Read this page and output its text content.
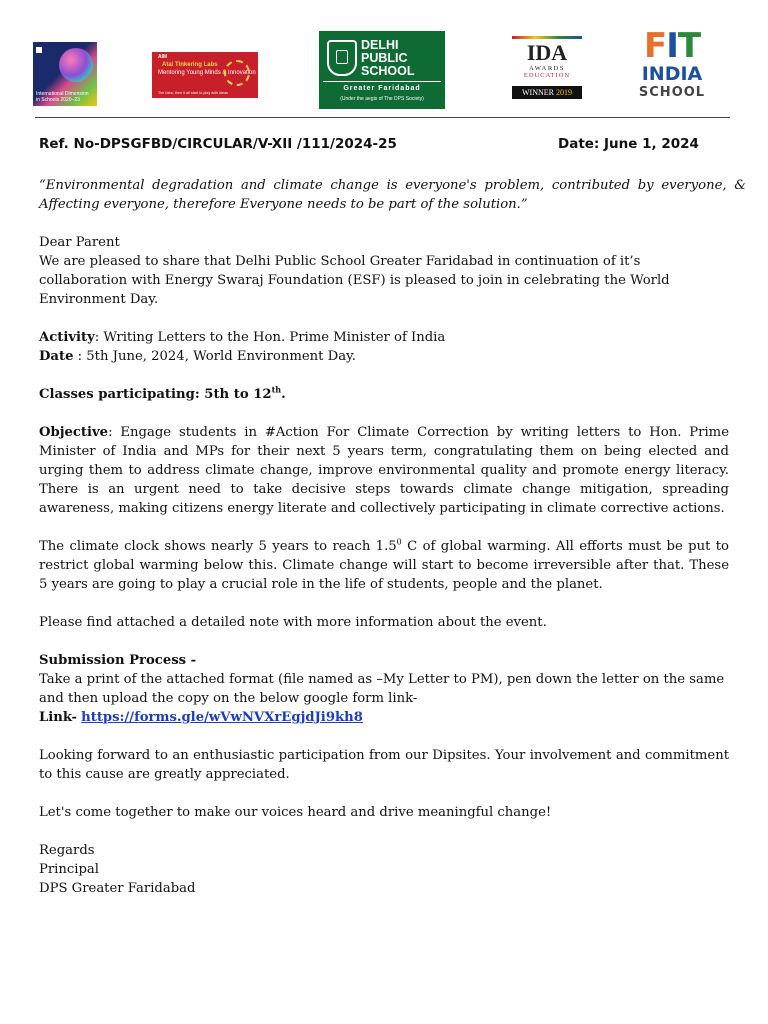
International Dimension in Schools 2020–23
AIM
Atal Tinkering Labs
Mentoring Young Minds & Innovation
The Idea, then it all start to play with ideas
DELHI
PUBLIC
SCHOOL
Greater Faridabad
(Under the aegis of The DPS Society)
IDA
AWARDS
EDUCATION
WINNER 2019
FIT
INDIA
SCHOOL
Ref. No-DPSGFBD/CIRCULAR/V-XII /111/2024-25	Date: June 1, 2024

“Environmental degradation and climate change is everyone's problem, contributed by everyone, & Affecting everyone, therefore Everyone needs to be part of the solution.”

Dear Parent

We are pleased to share that Delhi Public School Greater Faridabad in continuation of it’s collaboration with Energy Swaraj Foundation (ESF) is pleased to join in celebrating the World Environment Day.

Activity: Writing Letters to the Hon. Prime Minister of India

Date : 5th June, 2024, World Environment Day.

Classes participating: 5th to 12th.

Objective: Engage students in #Action For Climate Correction by writing letters to Hon. Prime Minister of India and MPs for their next 5 years term, congratulating them on being elected and urging them to address climate change, improve environmental quality and promote energy literacy. There is an urgent need to take decisive steps towards climate change mitigation, spreading awareness, making citizens energy literate and collectively participating in climate corrective actions.

The climate clock shows nearly 5 years to reach $1.5^0$ C of global warming. All efforts must be put to restrict global warming below this. Climate change will start to become irreversible after that. These 5 years are going to play a crucial role in the life of students, people and the planet.

Please find attached a detailed note with more information about the event.

Submission Process -

Take a print of the attached format (file named as –My Letter to PM), pen down the letter on the same and then upload the copy on the below google form link-

Link- https://forms.gle/wVwNVXrEgjdJi9kh8

Looking forward to an enthusiastic participation from our Dipsites. Your involvement and commitment to this cause are greatly appreciated.

Let's come together to make our voices heard and drive meaningful change!

Regards

Principal

DPS Greater Faridabad
